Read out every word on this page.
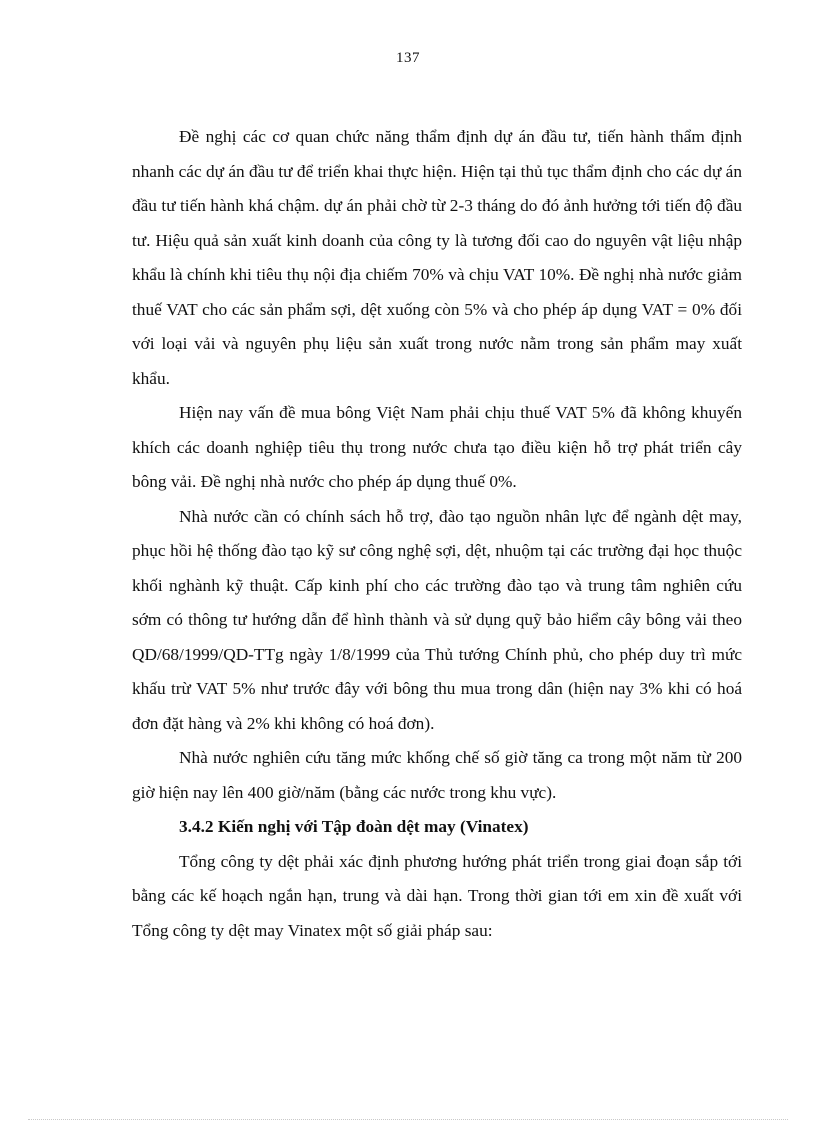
137

Đề nghị các cơ quan chức năng thẩm định dự án đầu tư, tiến hành thẩm định nhanh các dự án đầu tư để triển khai thực hiện. Hiện tại thủ tục thẩm định cho các dự án đầu tư tiến hành khá chậm. dự án phải chờ từ 2-3 tháng do đó ảnh hưởng tới tiến độ đầu tư. Hiệu quả sản xuất kinh doanh của công ty là tương đối cao do nguyên vật liệu nhập khẩu là chính khi tiêu thụ nội địa chiếm 70% và chịu VAT 10%. Đề nghị nhà nước giảm thuế VAT cho các sản phẩm sợi, dệt xuống còn 5% và cho phép áp dụng VAT = 0% đối với loại vải và nguyên phụ liệu sản xuất trong nước nằm trong sản phẩm may xuất khẩu.

Hiện nay vấn đề mua bông Việt Nam phải chịu thuế VAT 5% đã không khuyến khích các doanh nghiệp tiêu thụ trong nước chưa tạo điều kiện hỗ trợ phát triển cây bông vải. Đề nghị nhà nước cho phép áp dụng thuế 0%.

Nhà nước cần có chính sách hỗ trợ, đào tạo nguồn nhân lực để ngành dệt may, phục hồi hệ thống đào tạo kỹ sư công nghệ sợi, dệt, nhuộm tại các trường đại học thuộc khối nghành kỹ thuật. Cấp kinh phí cho các trường đào tạo và trung tâm nghiên cứu sớm có thông tư hướng dẫn để hình thành và sử dụng quỹ bảo hiểm cây bông vải theo QD/68/1999/QD-TTg ngày 1/8/1999 của Thủ tướng Chính phủ, cho phép duy trì mức khấu trừ VAT 5% như trước đây với bông thu mua trong dân (hiện nay 3% khi có hoá đơn đặt hàng và 2% khi không có hoá đơn).

Nhà nước nghiên cứu tăng mức khống chế số giờ tăng ca trong một năm từ 200 giờ hiện nay lên 400 giờ/năm (bằng các nước trong khu vực).

3.4.2 Kiến nghị với Tập đoàn dệt may (Vinatex)

Tổng công ty dệt phải xác định phương hướng phát triển trong giai đoạn sắp tới bằng các kế hoạch ngắn hạn, trung và dài hạn. Trong thời gian tới em xin đề xuất với Tổng công ty dệt may Vinatex một số giải pháp sau:
